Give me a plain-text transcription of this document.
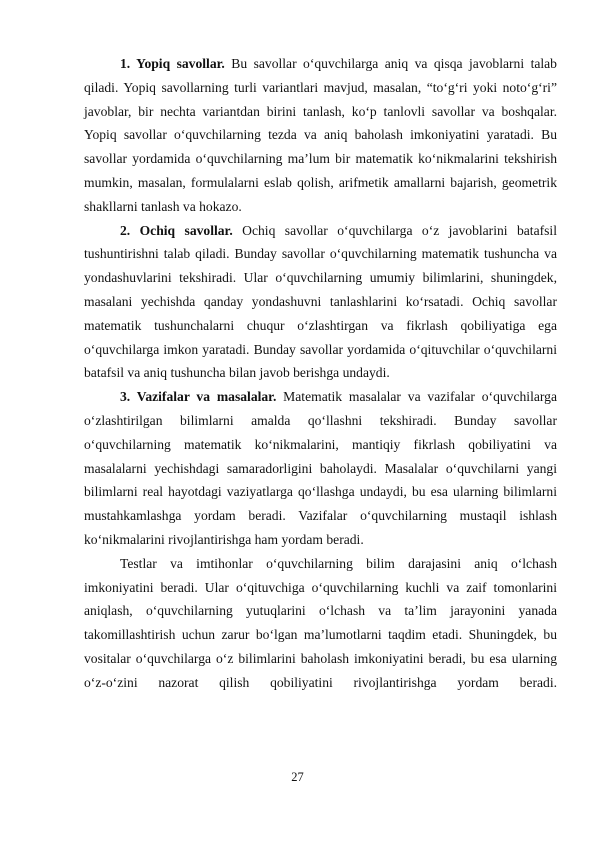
1. Yopiq savollar. Bu savollar o‘quvchilarga aniq va qisqa javoblarni talab qiladi. Yopiq savollarning turli variantlari mavjud, masalan, “to‘g‘ri yoki noto‘g‘ri” javoblar, bir nechta variantdan birini tanlash, ko‘p tanlovli savollar va boshqalar. Yopiq savollar o‘quvchilarning tezda va aniq baholash imkoniyatini yaratadi. Bu savollar yordamida o‘quvchilarning ma’lum bir matematik ko‘nikmalarini tekshirish mumkin, masalan, formulalarni eslab qolish, arifmetik amallarni bajarish, geometrik shakllarni tanlash va hokazo.

2. Ochiq savollar. Ochiq savollar o‘quvchilarga o‘z javoblarini batafsil tushuntirishni talab qiladi. Bunday savollar o‘quvchilarning matematik tushuncha va yondashuvlarini tekshiradi. Ular o‘quvchilarning umumiy bilimlarini, shuningdek, masalani yechishda qanday yondashuvni tanlashlarini ko‘rsatadi. Ochiq savollar matematik tushunchalarni chuqur o‘zlashtirgan va fikrlash qobiliyatiga ega o‘quvchilarga imkon yaratadi. Bunday savollar yordamida o‘qituvchilar o‘quvchilarni batafsil va aniq tushuncha bilan javob berishga undaydi.

3. Vazifalar va masalalar. Matematik masalalar va vazifalar o‘quvchilarga o‘zlashtirilgan bilimlarni amalda qo‘llashni tekshiradi. Bunday savollar o‘quvchilarning matematik ko‘nikmalarini, mantiqiy fikrlash qobiliyatini va masalalarni yechishdagi samaradorligini baholaydi. Masalalar o‘quvchilarni yangi bilimlarni real hayotdagi vaziyatlarga qo‘llashga undaydi, bu esa ularning bilimlarni mustahkamlashga yordam beradi. Vazifalar o‘quvchilarning mustaqil ishlash ko‘nikmalarini rivojlantirishga ham yordam beradi.

Testlar va imtihonlar o‘quvchilarning bilim darajasini aniq o‘lchash imkoniyatini beradi. Ular o‘qituvchiga o‘quvchilarning kuchli va zaif tomonlarini aniqlash, o‘quvchilarning yutuqlarini o‘lchash va ta’lim jarayonini yanada takomillashtirish uchun zarur bo‘lgan ma’lumotlarni taqdim etadi. Shuningdek, bu vositalar o‘quvchilarga o‘z bilimlarini baholash imkoniyatini beradi, bu esa ularning o‘z-o‘zini nazorat qilish qobiliyatini rivojlantirishga yordam beradi.

27
